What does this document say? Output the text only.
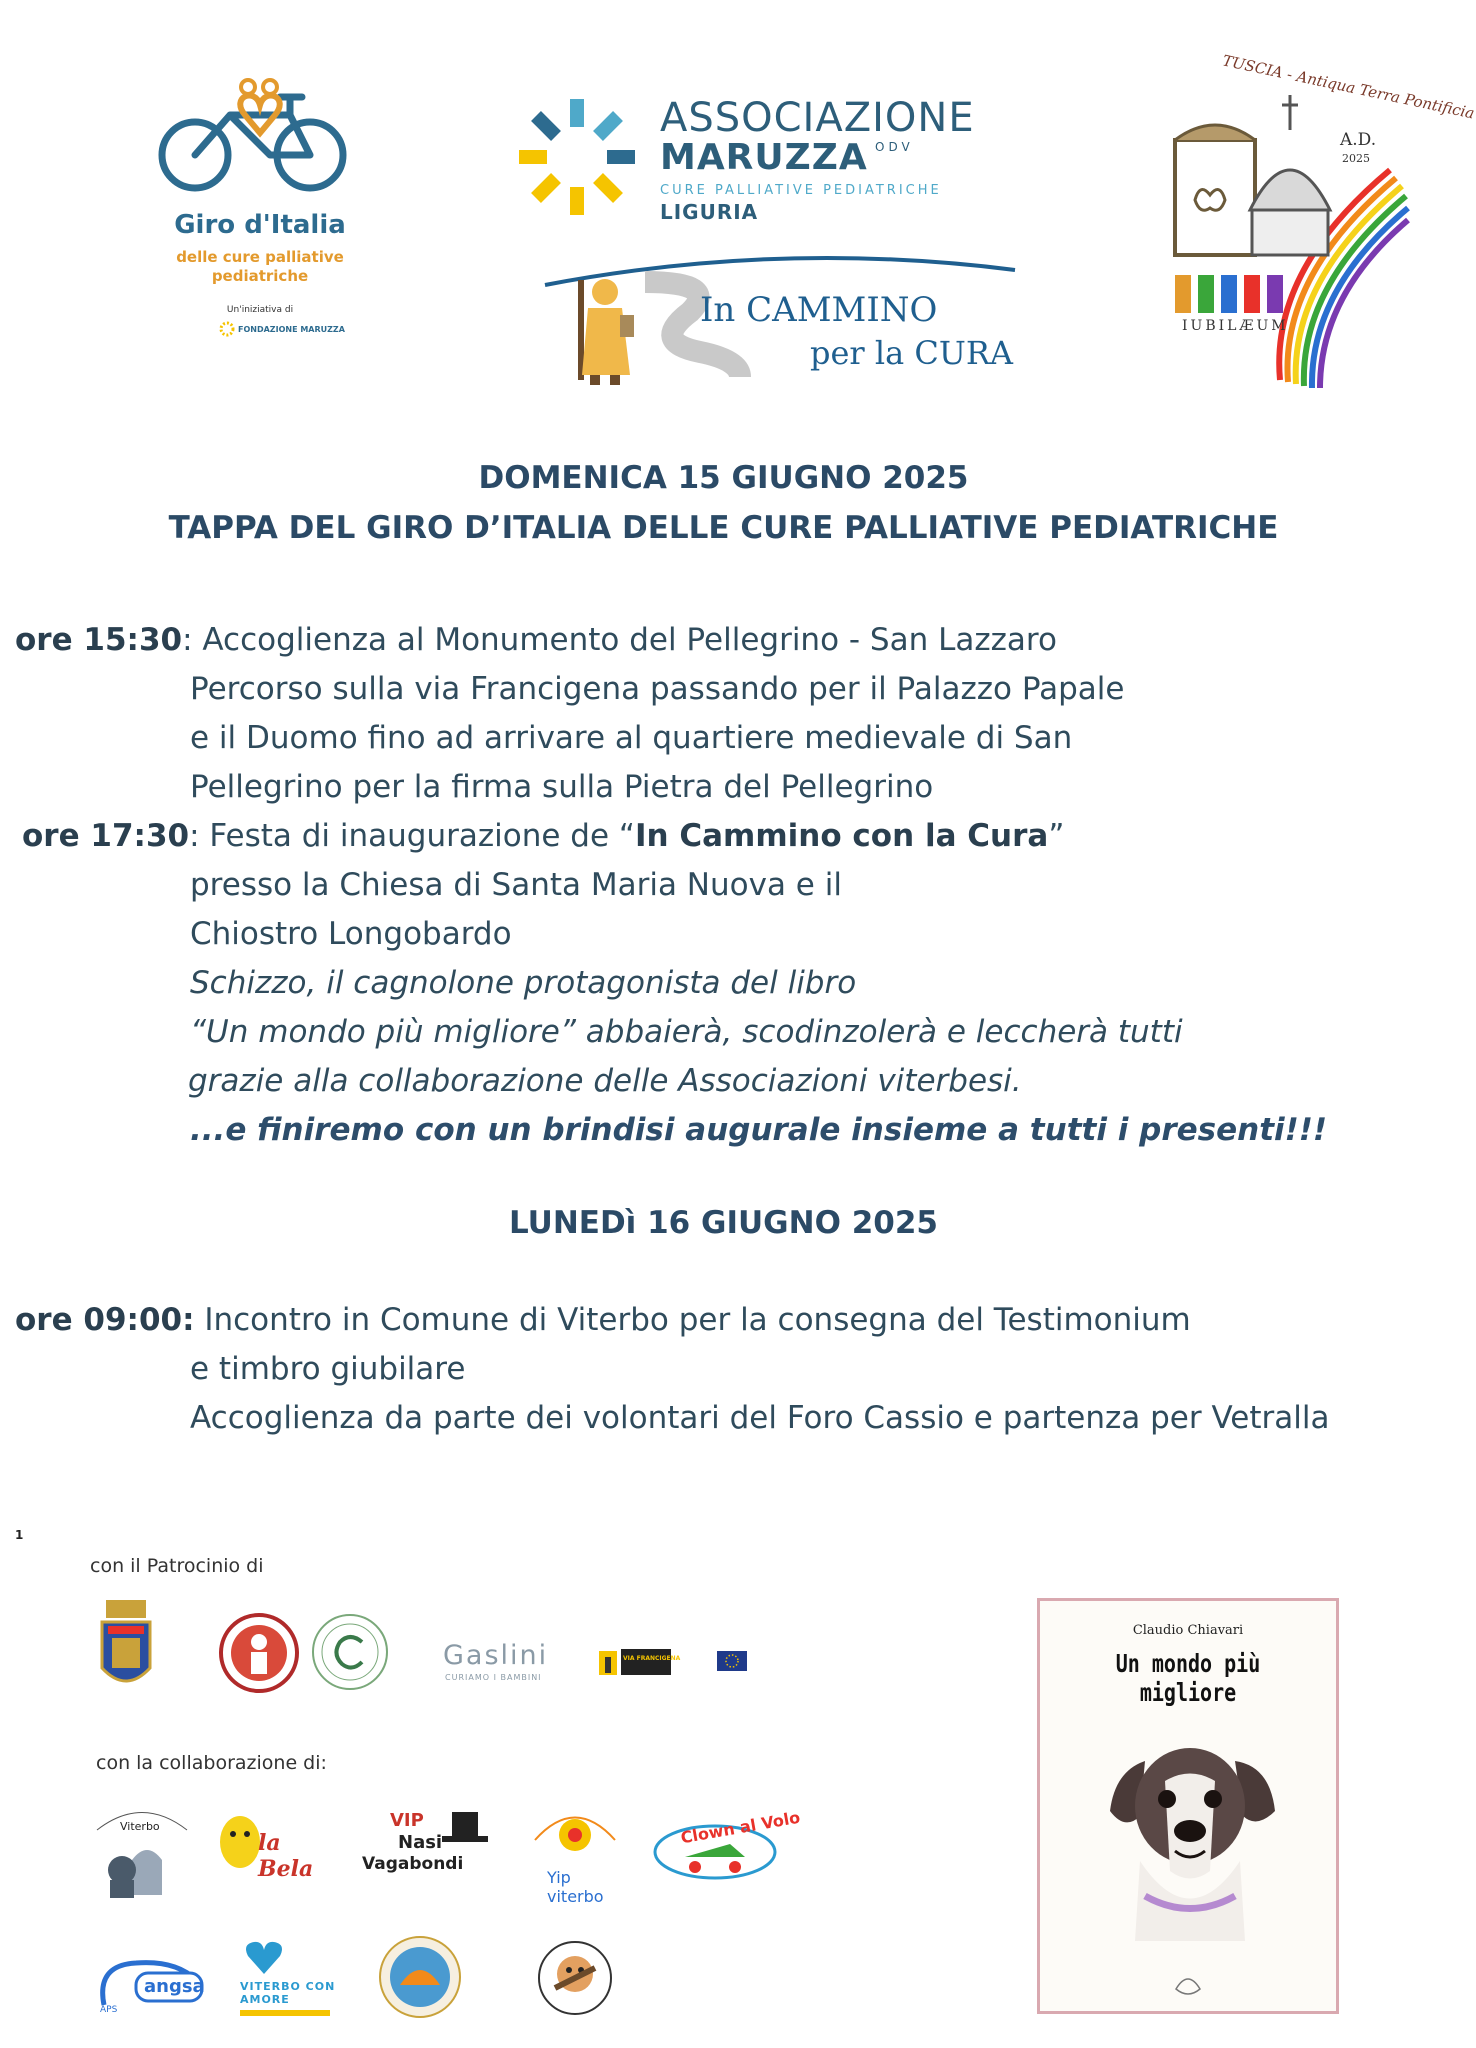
Giro d'Italia
delle cure palliative
pediatriche
Un'iniziativa di
FONDAZIONE MARUZZA
ASSOCIAZIONE
MARUZZA ODV
CURE PALLIATIVE PEDIATRICHE
LIGURIA
In CAMMINO
per la CURA
TUSCIA - Antiqua Terra Pontificia
A.D.
2025
IUBILÆUM
DOMENICA 15 GIUGNO 2025
TAPPA DEL GIRO D’ITALIA DELLE CURE PALLIATIVE PEDIATRICHE
ore 15:30: Accoglienza al Monumento del Pellegrino - San Lazzaro
Percorso sulla via Francigena passando per il Palazzo Papale
e il Duomo fino ad arrivare al quartiere medievale di San
Pellegrino per la firma sulla Pietra del Pellegrino
ore 17:30: Festa di inaugurazione de “In Cammino con la Cura”
presso la Chiesa di Santa Maria Nuova e il
Chiostro Longobardo
Schizzo, il cagnolone protagonista del libro
“Un mondo più migliore” abbaierà, scodinzolerà e leccherà tutti
grazie alla collaborazione delle Associazioni viterbesi.
...e finiremo con un brindisi augurale insieme a tutti i presenti!!!
LUNEDì 16 GIUGNO 2025
ore 09:00: Incontro in Comune di Viterbo per la consegna del Testimonium
e timbro giubilare
Accoglienza da parte dei volontari del Foro Cassio e partenza per Vetralla
1
con il Patrocinio di
Gaslini
CURIAMO I BAMBINI
VIA FRANCIGENA
con la collaborazione di:
Viterbo
la Bela
VIP
Nasi
Vagabondi
Yip viterbo
Clown al Volo
angsa
APS
VITERBO CON AMORE
Claudio Chiavari
Un mondo più migliore
